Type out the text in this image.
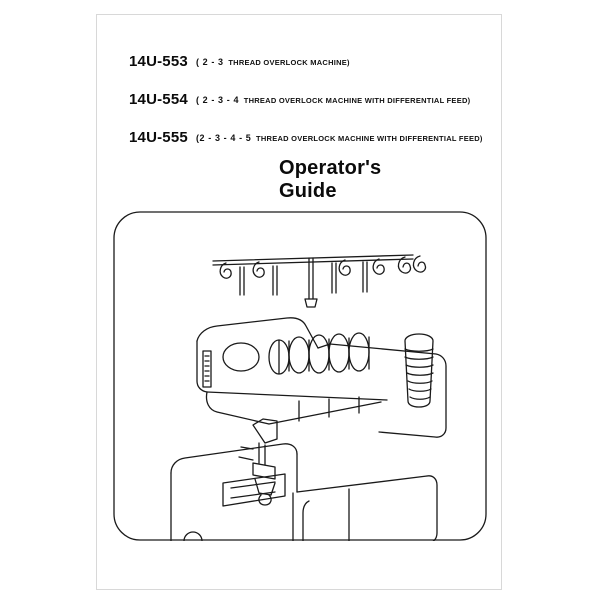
14U-553 ( 2 - 3 THREAD OVERLOCK MACHINE)
14U-554 ( 2 - 3 - 4 THREAD OVERLOCK MACHINE WITH DIFFERENTIAL FEED)
14U-555 (2 - 3 - 4 - 5 THREAD OVERLOCK MACHINE WITH DIFFERENTIAL FEED)
Operator's
Guide
